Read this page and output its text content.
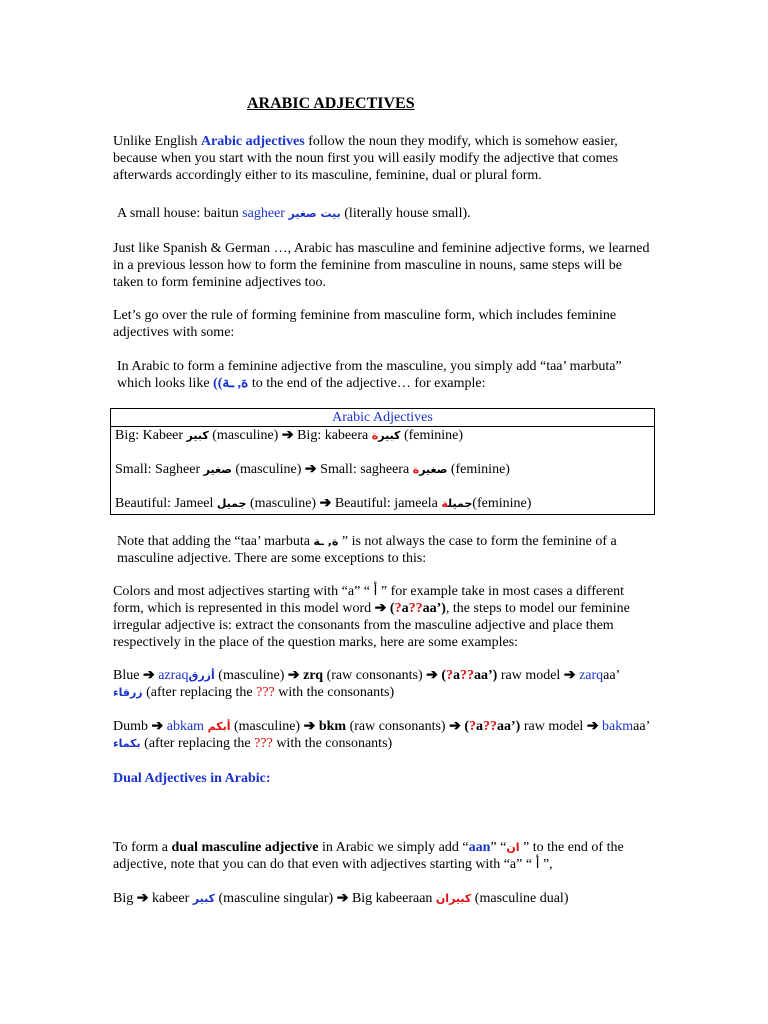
ARABIC ADJECTIVES
Unlike English Arabic adjectives follow the noun they modify, which is somehow easier, because when you start with the noun first you will easily modify the adjective that comes afterwards accordingly either to its masculine, feminine, dual or plural form.
A small house: baitun sagheer بيت صغير (literally house small).
Just like Spanish & German …, Arabic has masculine and feminine adjective forms, we learned in a previous lesson how to form the feminine from masculine in nouns, same steps will be taken to form feminine adjectives too.
Let’s go over the rule of forming feminine from masculine form, which includes feminine adjectives with some:
In Arabic to form a feminine adjective from the masculine, you simply add “taa’ marbuta” which looks like ((ة, ـة to the end of the adjective… for example:
Arabic Adjectives
Big: Kabeer كبير (masculine) ➔ Big: kabeera كبيرة (feminine)

Small: Sagheer صغير (masculine) ➔ Small: sagheera صغيرة (feminine)

Beautiful: Jameel جميل (masculine) ➔ Beautiful: jameela جميلة (feminine)
Note that adding the “taa’ marbuta ة, ـة ” is not always the case to form the feminine of a masculine adjective. There are some exceptions to this:
Colors and most adjectives starting with “a” “ أ ” for example take in most cases a different form, which is represented in this model word ➔ (?a??aa’), the steps to model our feminine irregular adjective is: extract the consonants from the masculine adjective and place them respectively in the place of the question marks, here are some examples:
Blue ➔ azraqأزرق (masculine) ➔ zrq (raw consonants) ➔ (?a??aa’) raw model ➔ zarqaa’
زرقاء (after replacing the ??? with the consonants)
Dumb ➔ abkam أبكم (masculine) ➔ bkm (raw consonants) ➔ (?a??aa’) raw model ➔ bakmaa’
بكماء (after replacing the ??? with the consonants)
Dual Adjectives in Arabic:
To form a dual masculine adjective in Arabic we simply add “aan” “ان ” to the end of the adjective, note that you can do that even with adjectives starting with “a” “ أ ”,
Big ➔ kabeer كبير (masculine singular) ➔ Big kabeeraan كبيران (masculine dual)
